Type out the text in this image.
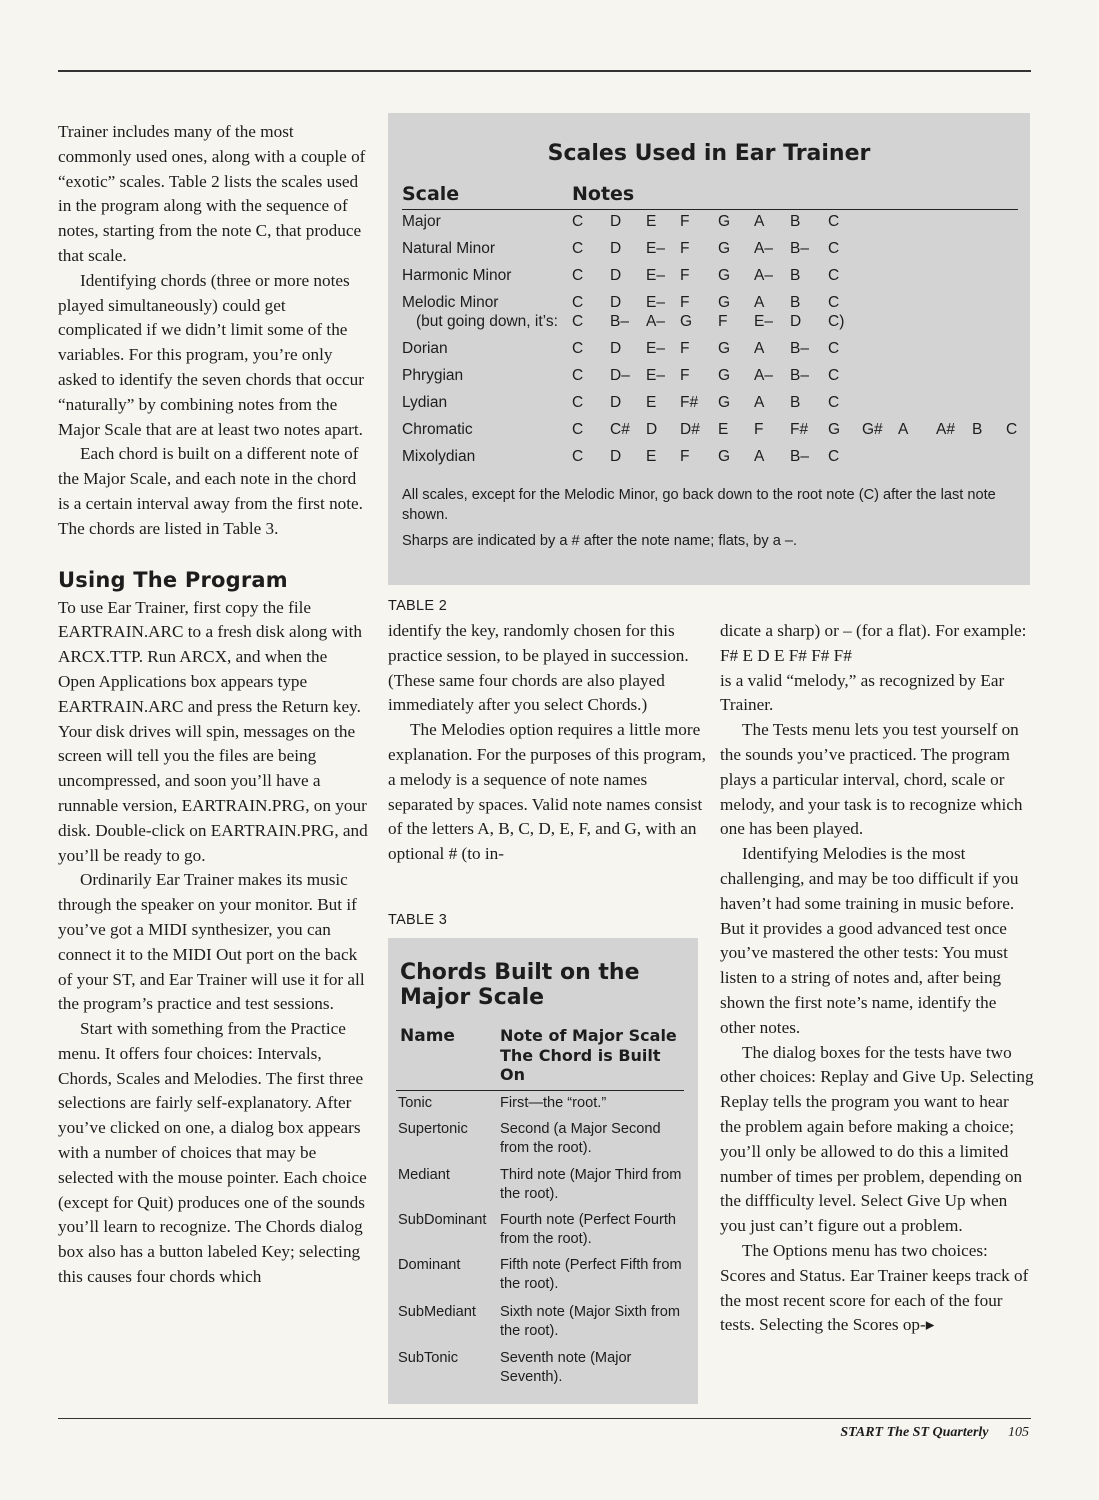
Trainer includes many of the most commonly used ones, along with a couple of “exotic” scales. Table 2 lists the scales used in the program along with the sequence of notes, starting from the note C, that produce that scale.

Identifying chords (three or more notes played simultaneously) could get complicated if we didn’t limit some of the variables. For this program, you’re only asked to identify the seven chords that occur “naturally” by combining notes from the Major Scale that are at least two notes apart.

Each chord is built on a different note of the Major Scale, and each note in the chord is a certain interval away from the first note. The chords are listed in Table 3.

Using The Program

To use Ear Trainer, first copy the file EARTRAIN.ARC to a fresh disk along with ARCX.TTP. Run ARCX, and when the Open Applications box appears type EARTRAIN.ARC and press the Return key. Your disk drives will spin, messages on the screen will tell you the files are being uncompressed, and soon you’ll have a runnable version, EARTRAIN.PRG, on your disk. Double-click on EARTRAIN.PRG, and you’ll be ready to go.

Ordinarily Ear Trainer makes its music through the speaker on your monitor. But if you’ve got a MIDI synthesizer, you can connect it to the MIDI Out port on the back of your ST, and Ear Trainer will use it for all the program’s practice and test sessions.

Start with something from the Practice menu. It offers four choices: Intervals, Chords, Scales and Melodies. The first three selections are fairly self-explanatory. After you’ve clicked on one, a dialog box appears with a number of choices that may be selected with the mouse pointer. Each choice (except for Quit) produces one of the sounds you’ll learn to recognize. The Chords dialog box also has a button labeled Key; selecting this causes four chords which

Scales Used in Ear Trainer
Scale	Notes
Major	C D E F G A B C
Natural Minor	C D E– F G A– B– C
Harmonic Minor	C D E– F G A– B C
Melodic Minor	C D E– F G A B C
(but going down, it’s: C B– A– G F E– D C)
Dorian	C D E– F G A B– C
Phrygian	C D– E– F G A– B– C
Lydian	C D E F# G A B C
Chromatic	C C# D D# E F F# G G# A A# B C
Mixolydian	C D E F G A B– C
All scales, except for the Melodic Minor, go back down to the root note (C) after the last note shown.
Sharps are indicated by a # after the note name; flats, by a –.
TABLE 2

identify the key, randomly chosen for this practice session, to be played in succession. (These same four chords are also played immediately after you select Chords.)

The Melodies option requires a little more explanation. For the purposes of this program, a melody is a sequence of note names separated by spaces. Valid note names consist of the letters A, B, C, D, E, F, and G, with an optional # (to in-

TABLE 3
Chords Built on the Major Scale
Name	Note of Major Scale The Chord is Built On
Tonic	First—the “root.”
Supertonic Second (a Major Second from the root).
Mediant	Third note (Major Third from the root).
SubDominant Fourth note (Perfect Fourth from the root).
Dominant	Fifth note (Perfect Fifth from the root).
SubMediant Sixth note (Major Sixth from the root).
SubTonic	Seventh note (Major Seventh).

dicate a sharp) or – (for a flat). For example:

F# E D E F# F# F#

is a valid “melody,” as recognized by Ear Trainer.

The Tests menu lets you test yourself on the sounds you’ve practiced. The program plays a particular interval, chord, scale or melody, and your task is to recognize which one has been played.

Identifying Melodies is the most challenging, and may be too difficult if you haven’t had some training in music before. But it provides a good advanced test once you’ve mastered the other tests: You must listen to a string of notes and, after being shown the first note’s name, identify the other notes.

The dialog boxes for the tests have two other choices: Replay and Give Up. Selecting Replay tells the program you want to hear the problem again before making a choice; you’ll only be allowed to do this a limited number of times per problem, depending on the diffficulty level. Select Give Up when you just can’t figure out a problem.

The Options menu has two choices: Scores and Status. Ear Trainer keeps track of the most recent score for each of the four tests. Selecting the Scores op-▸

START The ST Quarterly 105
